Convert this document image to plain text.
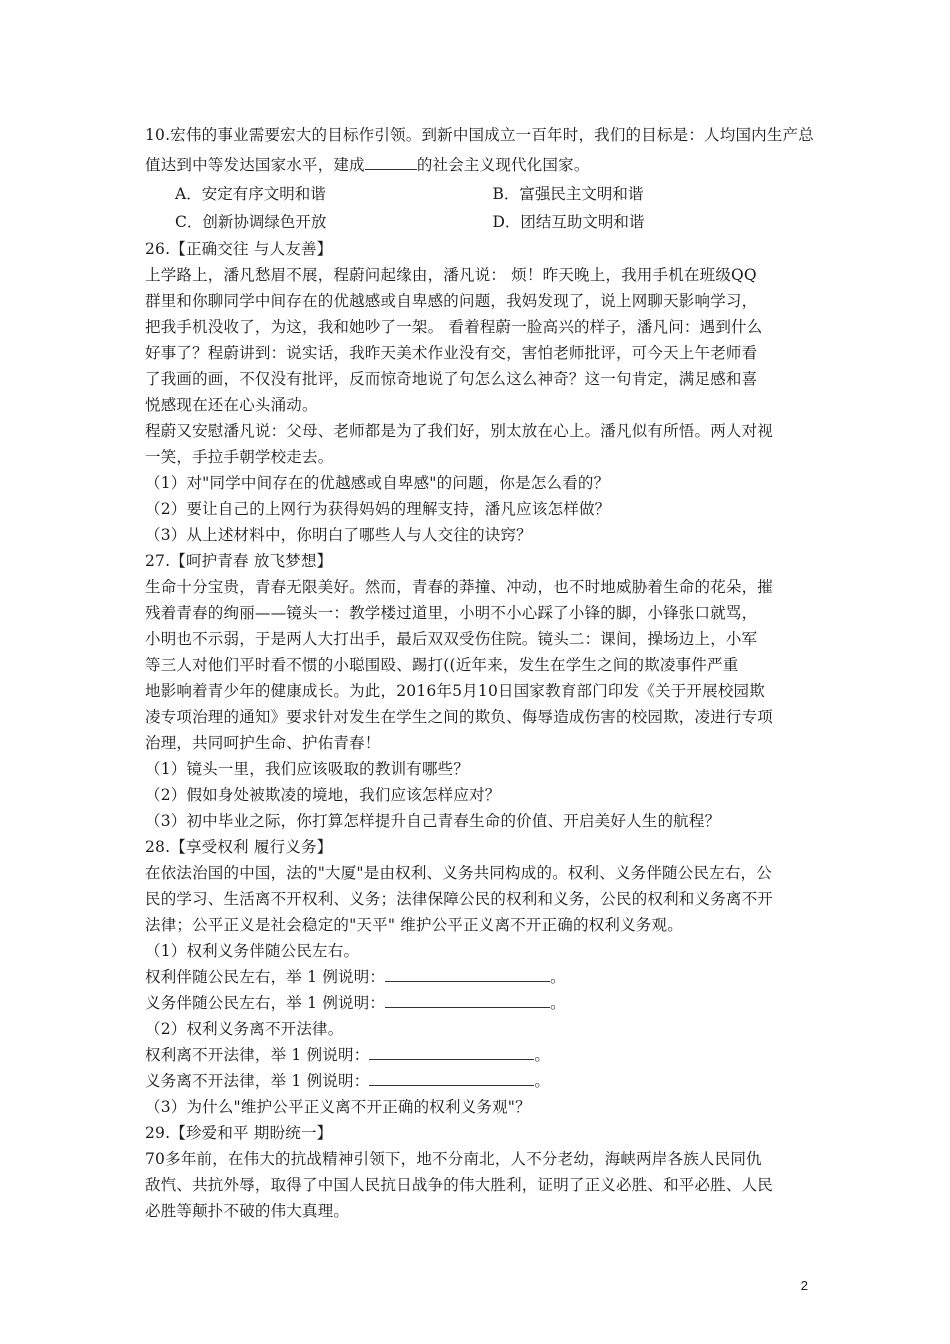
10.宏伟的事业需要宏大的目标作引领。到新中国成立一百年时，我们的目标是：人均国内生产总
值达到中等发达国家水平，建成	的社会主义现代化国家。
A．安定有序文明和谐	B．富强民主文明和谐
C．创新协调绿色开放	D．团结互助文明和谐
26.【正确交往 与人友善】
上学路上，潘凡愁眉不展，程蔚问起缘由，潘凡说： 烦！昨天晚上，我用手机在班级QQ
群里和你聊同学中间存在的优越感或自卑感的问题，我妈发现了，说上网聊天影响学习，
把我手机没收了，为这，我和她吵了一架。 看着程蔚一脸高兴的样子，潘凡问：遇到什么
好事了？程蔚讲到：说实话，我昨天美术作业没有交，害怕老师批评，可今天上午老师看
了我画的画，不仅没有批评，反而惊奇地说了句怎么这么神奇？这一句肯定，满足感和喜
悦感现在还在心头涌动。
程蔚又安慰潘凡说：父母、老师都是为了我们好，别太放在心上。潘凡似有所悟。两人对视
一笑，手拉手朝学校走去。
（1）对"同学中间存在的优越感或自卑感"的问题，你是怎么看的？
（2）要让自己的上网行为获得妈妈的理解支持，潘凡应该怎样做？
（3）从上述材料中，你明白了哪些人与人交往的诀窍？
27.【呵护青春 放飞梦想】
生命十分宝贵，青春无限美好。然而，青春的莽撞、冲动，也不时地威胁着生命的花朵，摧
残着青春的绚丽——镜头一：教学楼过道里，小明不小心踩了小锋的脚，小锋张口就骂，
小明也不示弱，于是两人大打出手，最后双双受伤住院。镜头二：课间，操场边上，小军
等三人对他们平时看不惯的小聪围殴、踢打((近年来，发生在学生之间的欺凌事件严重
地影响着青少年的健康成长。为此，2016年5月10日国家教育部门印发《关于开展校园欺
凌专项治理的通知》要求针对发生在学生之间的欺负、侮辱造成伤害的校园欺，凌进行专项
治理，共同呵护生命、护佑青春！
（1）镜头一里，我们应该吸取的教训有哪些？
（2）假如身处被欺凌的境地，我们应该怎样应对？
（3）初中毕业之际，你打算怎样提升自己青春生命的价值、开启美好人生的航程？
28.【享受权利 履行义务】
在依法治国的中国，法的"大厦"是由权利、义务共同构成的。权利、义务伴随公民左右，公
民的学习、生活离不开权利、义务；法律保障公民的权利和义务，公民的权利和义务离不开
法律；公平正义是社会稳定的"天平" 维护公平正义离不开正确的权利义务观。
（1）权利义务伴随公民左右。
权利伴随公民左右，举 1 例说明：	。
义务伴随公民左右，举 1 例说明：	。
（2）权利义务离不开法律。
权利离不开法律，举 1 例说明：	。
义务离不开法律，举 1 例说明：	。
（3）为什么"维护公平正义离不开正确的权利义务观"？
29.【珍爱和平 期盼统一】
70多年前，在伟大的抗战精神引领下，地不分南北，人不分老幼，海峡两岸各族人民同仇
敌忾、共抗外辱，取得了中国人民抗日战争的伟大胜利，证明了正义必胜、和平必胜、人民
必胜等颠扑不破的伟大真理。
2
